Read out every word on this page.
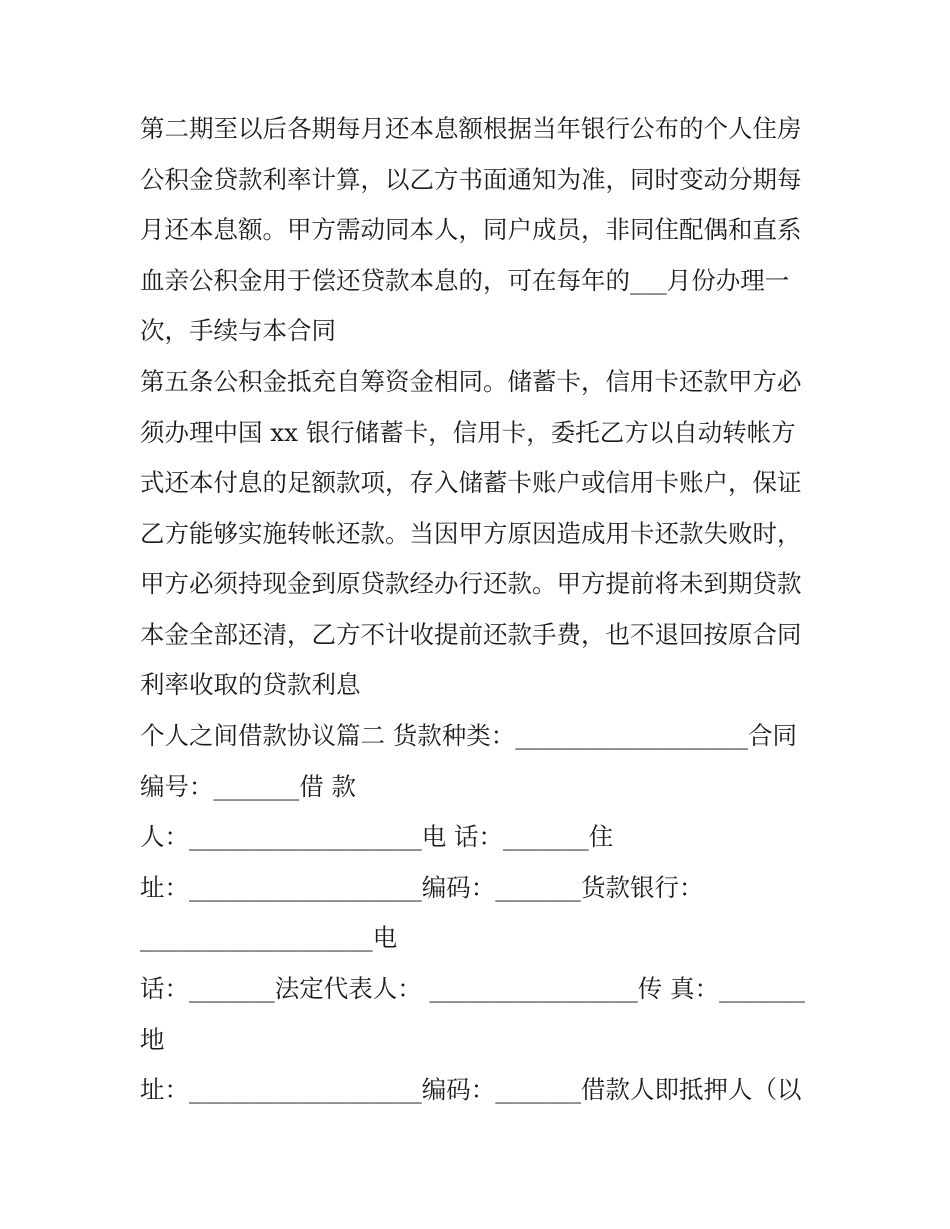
第二期至以后各期每月还本息额根据当年银行公布的个人住房
公积金贷款利率计算，以乙方书面通知为准，同时变动分期每
月还本息额。甲方需动同本人，同户成员，非同住配偶和直系
血亲公积金用于偿还贷款本息的，可在每年的___月份办理一
次，手续与本合同
第五条公积金抵充自筹资金相同。储蓄卡，信用卡还款甲方必
须办理中国 xx 银行储蓄卡，信用卡，委托乙方以自动转帐方
式还本付息的足额款项，存入储蓄卡账户或信用卡账户，保证
乙方能够实施转帐还款。当因甲方原因造成用卡还款失败时，
甲方必须持现金到原贷款经办行还款。甲方提前将未到期贷款
本金全部还清，乙方不计收提前还款手费，也不退回按原合同
利率收取的贷款利息
个人之间借款协议篇二 货款种类：___________________合同
编号：_______借 款
人：___________________电 话：_______住
址：___________________编码：_______货款银行：
___________________电
话：_______法定代表人： _________________传 真：_______
地
址：___________________编码：_______借款人即抵押人（以
